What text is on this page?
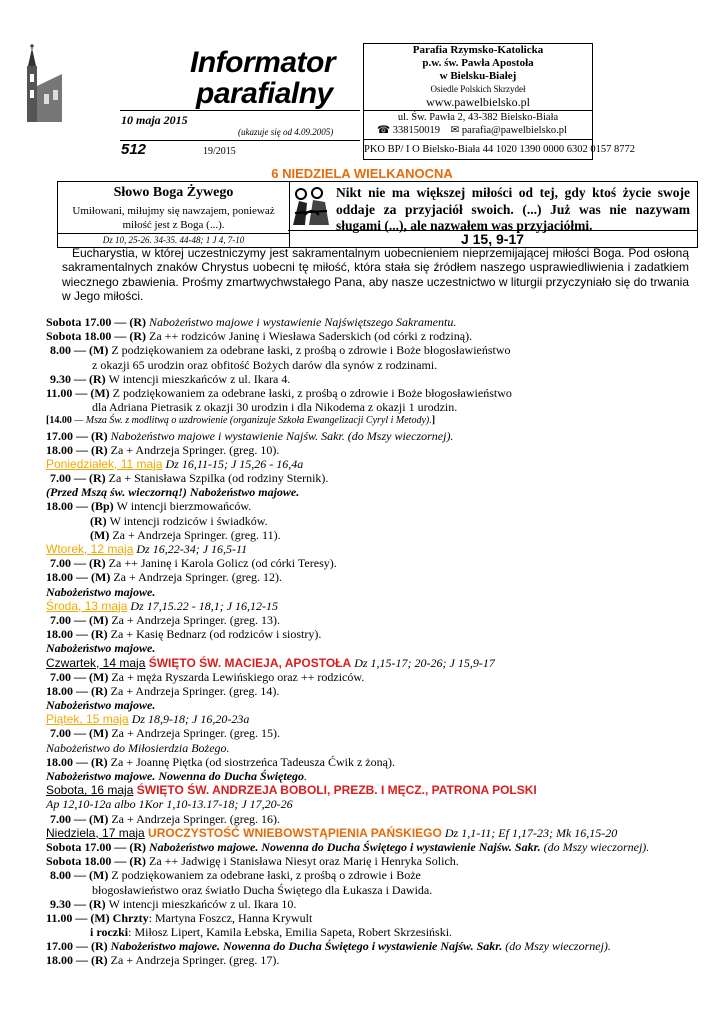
Informator
parafialny
10 maja 2015
(ukazuje się od 4.09.2005)
512	19/2015
Parafia Rzymsko-Katolicka
p.w. św. Pawła Apostoła
w Bielsku-Białej
Osiedle Polskich Skrzydeł
www.pawelbielsko.pl
ul. Św. Pawła 2, 43-382 Bielsko-Biała
☎ 338150019 ✉ parafia@pawelbielsko.pl
PKO BP/ I O Bielsko-Biała 44 1020 1390 0000 6302 0157 8772
6 NIEDZIELA WIELKANOCNA
Słowo Boga Żywego
Umiłowani, miłujmy się nawzajem, ponieważ miłość jest z Boga (...).
Dz 10, 25-26. 34-35. 44-48; 1 J 4, 7-10
Nikt nie ma większej miłości od tej, gdy ktoś życie swoje oddaje za przyjaciół swoich. (...) Już was nie nazywam sługami (...), ale nazwałem was przyjaciółmi.
J 15, 9-17
Eucharystia, w której uczestniczymy jest sakramentalnym uobecnieniem nieprzemijającej miłości Boga. Pod osłoną sakramentalnych znaków Chrystus uobecni tę miłość, która stała się źródłem naszego usprawiedliwienia i zadatkiem wiecznego zbawienia. Prośmy zmartwychwstałego Pana, aby nasze uczestnictwo w liturgii przyczyniało się do trwania w Jego miłości.
Sobota 17.00 — (R) Nabożeństwo majowe i wystawienie Najświętszego Sakramentu.
Sobota 18.00 — (R) Za ++ rodziców Janinę i Wiesława Saderskich (od córki z rodziną).
8.00 — (M) Z podziękowaniem za odebrane łaski, z prośbą o zdrowie i Boże błogosławieństwo
z okazji 65 urodzin oraz obfitość Bożych darów dla synów z rodzinami.
9.30 — (R) W intencji mieszkańców z ul. Ikara 4.
11.00 — (M) Z podziękowaniem za odebrane łaski, z prośbą o zdrowie i Boże błogosławieństwo
dla Adriana Pietrasik z okazji 30 urodzin i dla Nikodema z okazji 1 urodzin.
[14.00 — Msza Św. z modlitwą o uzdrowienie (organizuje Szkoła Ewangelizacji Cyryl i Metody).]
17.00 — (R) Nabożeństwo majowe i wystawienie Najśw. Sakr. (do Mszy wieczornej).
18.00 — (R) Za + Andrzeja Springer. (greg. 10).
Poniedziałek, 11 maja Dz 16,11-15; J 15,26 - 16,4a
7.00 — (R) Za + Stanisława Szpilka (od rodziny Sternik).
(Przed Mszą św. wieczorną!) Nabożeństwo majowe.
18.00 — (Bp) W intencji bierzmowańców.
(R) W intencji rodziców i świadków.
(M) Za + Andrzeja Springer. (greg. 11).
Wtorek, 12 maja Dz 16,22-34; J 16,5-11
7.00 — (R) Za ++ Janinę i Karola Golicz (od córki Teresy).
18.00 — (M) Za + Andrzeja Springer. (greg. 12).
Nabożeństwo majowe.
Środa, 13 maja Dz 17,15.22 - 18,1; J 16,12-15
7.00 — (M) Za + Andrzeja Springer. (greg. 13).
18.00 — (R) Za + Kasię Bednarz (od rodziców i siostry).
Nabożeństwo majowe.
Czwartek, 14 maja ŚWIĘTO ŚW. MACIEJA, APOSTOŁA Dz 1,15-17; 20-26; J 15,9-17
7.00 — (M) Za + męża Ryszarda Lewińskiego oraz ++ rodziców.
18.00 — (R) Za + Andrzeja Springer. (greg. 14).
Nabożeństwo majowe.
Piątek, 15 maja Dz 18,9-18; J 16,20-23a
7.00 — (M) Za + Andrzeja Springer. (greg. 15).
Nabożeństwo do Miłosierdzia Bożego.
18.00 — (R) Za + Joannę Piętka (od siostrzeńca Tadeusza Ćwik z żoną).
Nabożeństwo majowe. Nowenna do Ducha Świętego.
Sobota, 16 maja ŚWIĘTO ŚW. ANDRZEJA BOBOLI, PREZB. I MĘCZ., PATRONA POLSKI
Ap 12,10-12a albo 1Kor 1,10-13.17-18; J 17,20-26
7.00 — (M) Za + Andrzeja Springer. (greg. 16).
Niedziela, 17 maja UROCZYSTOŚĆ WNIEBOWSTĄPIENIA PAŃSKIEGO Dz 1,1-11; Ef 1,17-23; Mk 16,15-20
Sobota 17.00 — (R) Nabożeństwo majowe. Nowenna do Ducha Świętego i wystawienie Najśw. Sakr. (do Mszy wieczornej).
Sobota 18.00 — (R) Za ++ Jadwigę i Stanisława Niesyt oraz Marię i Henryka Solich.
8.00 — (M) Z podziękowaniem za odebrane łaski, z prośbą o zdrowie i Boże
błogosławieństwo oraz światło Ducha Świętego dla Łukasza i Dawida.
9.30 — (R) W intencji mieszkańców z ul. Ikara 10.
11.00 — (M) Chrzty: Martyna Foszcz, Hanna Krywult
i roczki: Miłosz Lipert, Kamila Łebska, Emilia Sapeta, Robert Skrzesiński.
17.00 — (R) Nabożeństwo majowe. Nowenna do Ducha Świętego i wystawienie Najśw. Sakr. (do Mszy wieczornej).
18.00 — (R) Za + Andrzeja Springer. (greg. 17).
